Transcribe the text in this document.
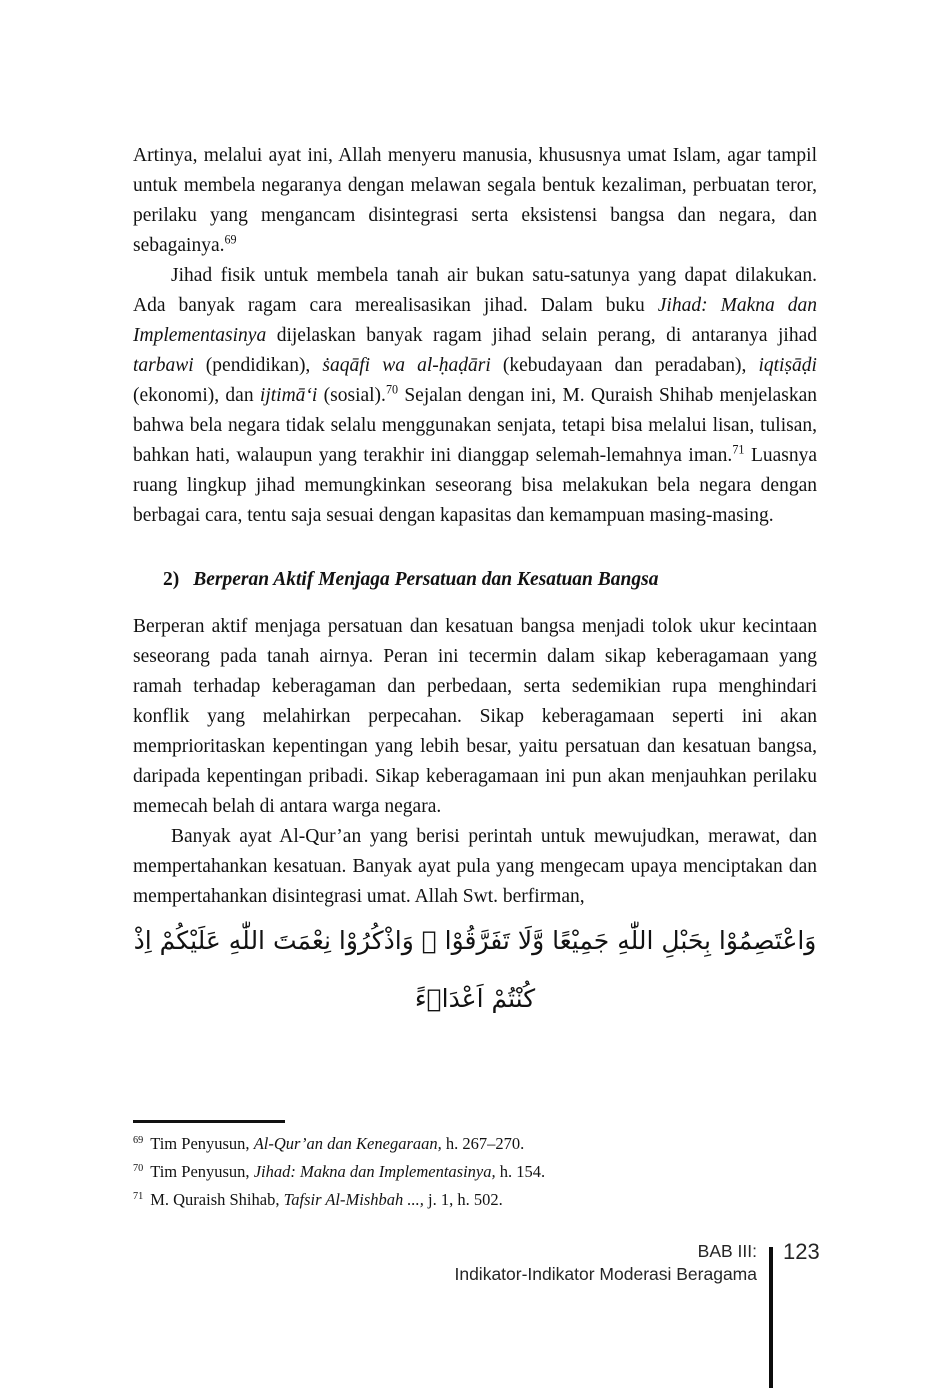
Artinya, melalui ayat ini, Allah menyeru manusia, khususnya umat Islam, agar tampil untuk membela negaranya dengan melawan segala bentuk kezaliman, perbuatan teror, perilaku yang mengancam disintegrasi serta eksistensi bangsa dan negara, dan sebagainya.$^{69}$

Jihad fisik untuk membela tanah air bukan satu-satunya yang dapat dilakukan. Ada banyak ragam cara merealisasikan jihad. Dalam buku Jihad: Makna dan Implementasinya dijelaskan banyak ragam jihad selain perang, di antaranya jihad tarbawi (pendidikan), ṡaqāfi wa al-ḥaḍāri (kebudayaan dan peradaban), iqtiṣāḍi (ekonomi), dan ijtimā‘i (sosial).$^{70}$ Sejalan dengan ini, M. Quraish Shihab menjelaskan bahwa bela negara tidak selalu menggunakan senjata, tetapi bisa melalui lisan, tulisan, bahkan hati, walaupun yang terakhir ini dianggap selemah-lemahnya iman.$^{71}$ Luasnya ruang lingkup jihad memungkinkan seseorang bisa melakukan bela negara dengan berbagai cara, tentu saja sesuai dengan kapasitas dan kemampuan masing-masing.

2) Berperan Aktif Menjaga Persatuan dan Kesatuan Bangsa

Berperan aktif menjaga persatuan dan kesatuan bangsa menjadi tolok ukur kecintaan seseorang pada tanah airnya. Peran ini tecermin dalam sikap keberagamaan yang ramah terhadap keberagaman dan perbedaan, serta sedemikian rupa menghindari konflik yang melahirkan perpecahan. Sikap keberagamaan seperti ini akan memprioritaskan kepentingan yang lebih besar, yaitu persatuan dan kesatuan bangsa, daripada kepentingan pribadi. Sikap keberagamaan ini pun akan menjauhkan perilaku memecah belah di antara warga negara.

Banyak ayat Al-Qur’an yang berisi perintah untuk mewujudkan, merawat, dan mempertahankan kesatuan. Banyak ayat pula yang mengecam upaya menciptakan dan mempertahankan disintegrasi umat. Allah Swt. berfirman,

وَاعْتَصِمُوْا بِحَبْلِ اللّٰهِ جَمِيْعًا وَّلَا تَفَرَّقُوْا ۖ وَاذْكُرُوْا نِعْمَتَ اللّٰهِ عَلَيْكُمْ اِذْ كُنْتُمْ اَعْدَاۤءً

$^{69}$ Tim Penyusun, Al-Qur’an dan Kenegaraan, h. 267–270.
$^{70}$ Tim Penyusun, Jihad: Makna dan Implementasinya, h. 154.
$^{71}$ M. Quraish Shihab, Tafsir Al-Mishbah ..., j. 1, h. 502.
BAB III:
Indikator-Indikator Moderasi Beragama
123
